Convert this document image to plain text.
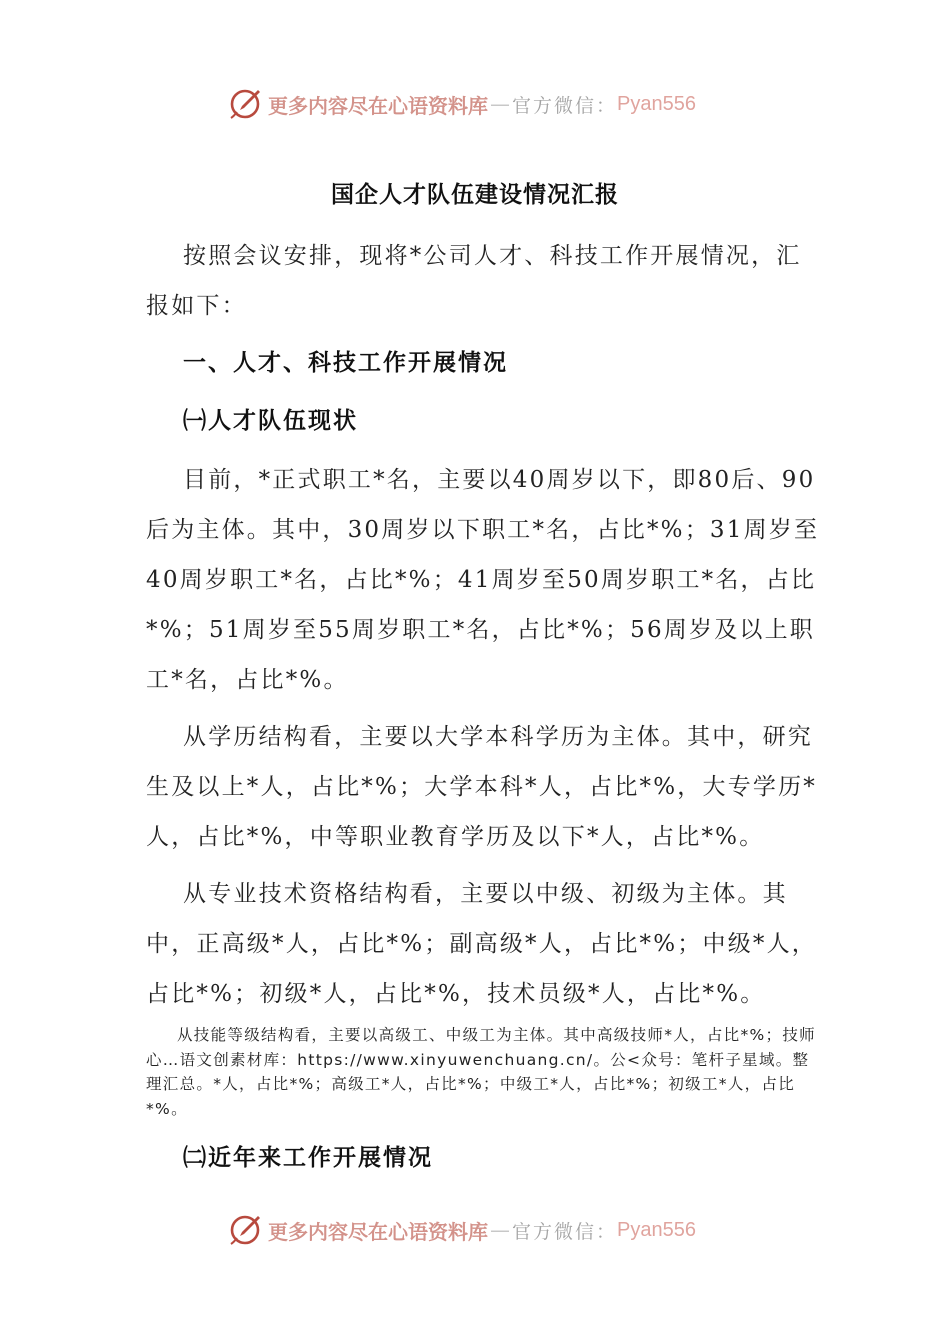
更多内容尽在心语资料库 — 官方微信： Pyan556
国企人才队伍建设情况汇报

按照会议安排，现将*公司人才、科技工作开展情况，汇报如下：

一、人才、科技工作开展情况
㈠人才队伍现状

目前，*正式职工*名，主要以40周岁以下，即80后、90后为主体。其中，30周岁以下职工*名，占比*%；31周岁至40周岁职工*名，占比*%；41周岁至50周岁职工*名，占比*%；51周岁至55周岁职工*名，占比*%；56周岁及以上职工*名，占比*%。

从学历结构看，主要以大学本科学历为主体。其中，研究生及以上*人，占比*%；大学本科*人，占比*%，大专学历*人，占比*%，中等职业教育学历及以下*人，占比*%。

从专业技术资格结构看，主要以中级、初级为主体。其中，正高级*人，占比*%；副高级*人，占比*%；中级*人，占比*%；初级*人，占比*%，技术员级*人，占比*%。

从技能等级结构看，主要以高级工、中级工为主体。其中高级技师*人，占比*%；技师心…语文创素材库：https://www.xinyuwenchuang.cn/。公<众号：笔杆子星域。整理汇总。*人，占比*%；高级工*人，占比*%；中级工*人，占比*%；初级工*人，占比*%。

㈡近年来工作开展情况
更多内容尽在心语资料库 — 官方微信： Pyan556
